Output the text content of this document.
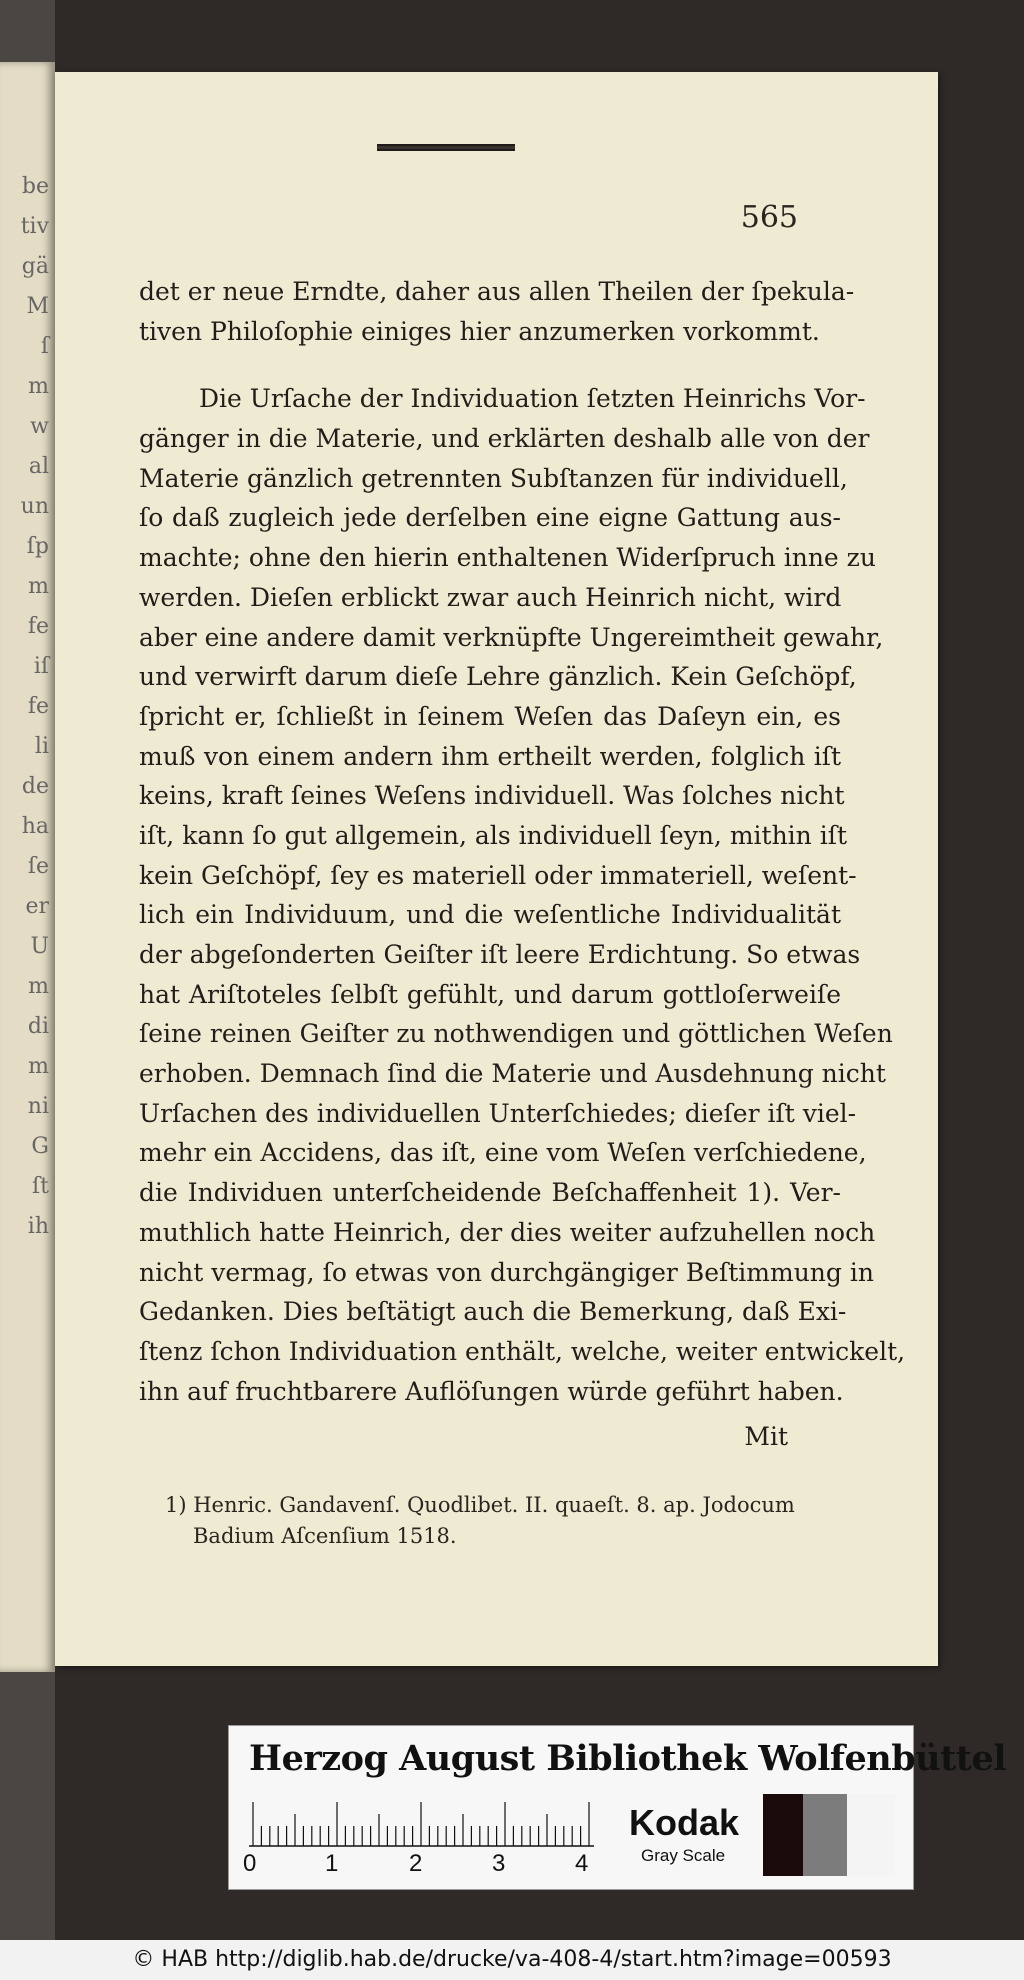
be
tiv
gä
M
ſ
m
w
al
un
ſp
m
fe
iſ
fe
li
de
ha
ſe
er
U
m
di
m
ni
G
ſt
ih
565
det er neue Erndte, daher aus allen Theilen der ſpekula-
tiven Philoſophie einiges hier anzumerken vorkommt.
Die Urſache der Individuation ſetzten Heinrichs Vor-
gänger in die Materie, und erklärten deshalb alle von der
Materie gänzlich getrennten Subſtanzen für individuell,
ſo daß zugleich jede derſelben eine eigne Gattung aus-
machte; ohne den hierin enthaltenen Widerſpruch inne zu
werden. Dieſen erblickt zwar auch Heinrich nicht, wird
aber eine andere damit verknüpfte Ungereimtheit gewahr,
und verwirft darum dieſe Lehre gänzlich. Kein Geſchöpf,
ſpricht er, ſchließt in ſeinem Weſen das Daſeyn ein, es
muß von einem andern ihm ertheilt werden, folglich iſt
keins, kraft ſeines Weſens individuell. Was ſolches nicht
iſt, kann ſo gut allgemein, als individuell ſeyn, mithin iſt
kein Geſchöpf, ſey es materiell oder immateriell, weſent-
lich ein Individuum, und die weſentliche Individualität
der abgeſonderten Geiſter iſt leere Erdichtung. So etwas
hat Ariſtoteles ſelbſt gefühlt, und darum gottloſerweiſe
ſeine reinen Geiſter zu nothwendigen und göttlichen Weſen
erhoben. Demnach ſind die Materie und Ausdehnung nicht
Urſachen des individuellen Unterſchiedes; dieſer iſt viel-
mehr ein Accidens, das iſt, eine vom Weſen verſchiedene,
die Individuen unterſcheidende Beſchaffenheit 1). Ver-
muthlich hatte Heinrich, der dies weiter aufzuhellen noch
nicht vermag, ſo etwas von durchgängiger Beſtimmung in
Gedanken. Dies beſtätigt auch die Bemerkung, daß Exi-
ſtenz ſchon Individuation enthält, welche, weiter entwickelt,
ihn auf fruchtbarere Auflöſungen würde geführt haben.
Mit
1) Henric. Gandavenſ. Quodlibet. II. quaeſt. 8. ap. Jodocum
Badium Aſcenſium 1518.
Herzog August Bibliothek Wolfenbüttel
0	1	2	3	4
Kodak
Gray Scale
© HAB http://diglib.hab.de/drucke/va-408-4/start.htm?image=00593
